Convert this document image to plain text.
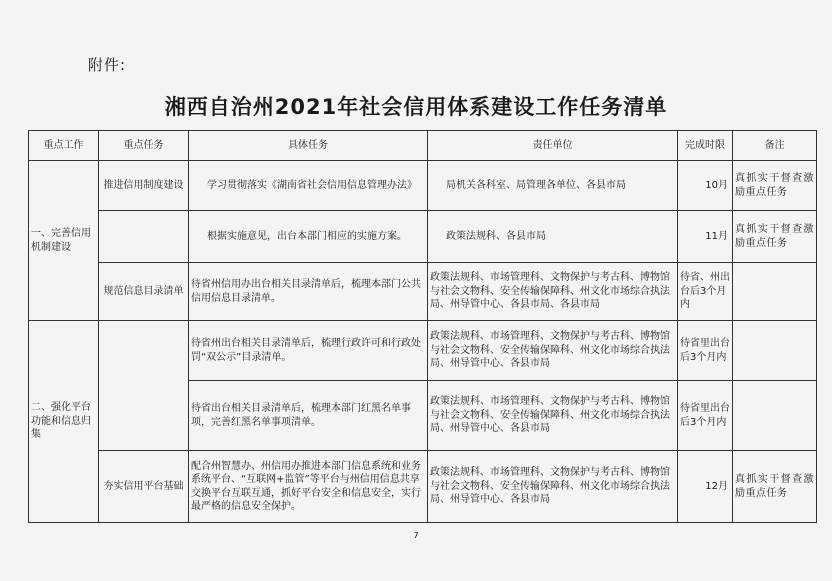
附件:
湘西自治州2021年社会信用体系建设工作任务清单
重点工作	重点任务	具体任务	责任单位	完成时限	备注
一、完善信用机制建设	推进信用制度建设	学习贯彻落实《湖南省社会信用信息管理办法》	局机关各科室、局管理各单位、各县市局	10月	真抓实干督查激励重点任务
		根据实施意见，出台本部门相应的实施方案。	政策法规科、各县市局	11月	真抓实干督查激励重点任务
	规范信息目录清单	待省州信用办出台相关目录清单后，梳理本部门公共信用信息目录清单。	政策法规科、市场管理科、文物保护与考古科、博物馆与社会文物科、安全传输保障科、州文化市场综合执法局、州导管中心、各县市局、各县市局	待省、州出台后3个月内	
二、强化平台功能和信息归集		待省州出台相关目录清单后，梳理行政许可和行政处罚“双公示”目录清单。	政策法规科、市场管理科、文物保护与考古科、博物馆与社会文物科、安全传输保障科、州文化市场综合执法局、州导管中心、各县市局	待省里出台后3个月内	
		待省出台相关目录清单后，梳理本部门红黑名单事项，完善红黑名单事项清单。	政策法规科、市场管理科、文物保护与考古科、博物馆与社会文物科、安全传输保障科、州文化市场综合执法局、州导管中心、各县市局	待省里出台后3个月内	
	夯实信用平台基础	配合州智慧办、州信用办推进本部门信息系统和业务系统平台、“互联网+监管”等平台与州信用信息共享交换平台互联互通，抓好平台安全和信息安全，实行最严格的信息安全保护。	政策法规科、市场管理科、文物保护与考古科、博物馆与社会文物科、安全传输保障科、州文化市场综合执法局、州导管中心、各县市局	12月	真抓实干督查激励重点任务
7
